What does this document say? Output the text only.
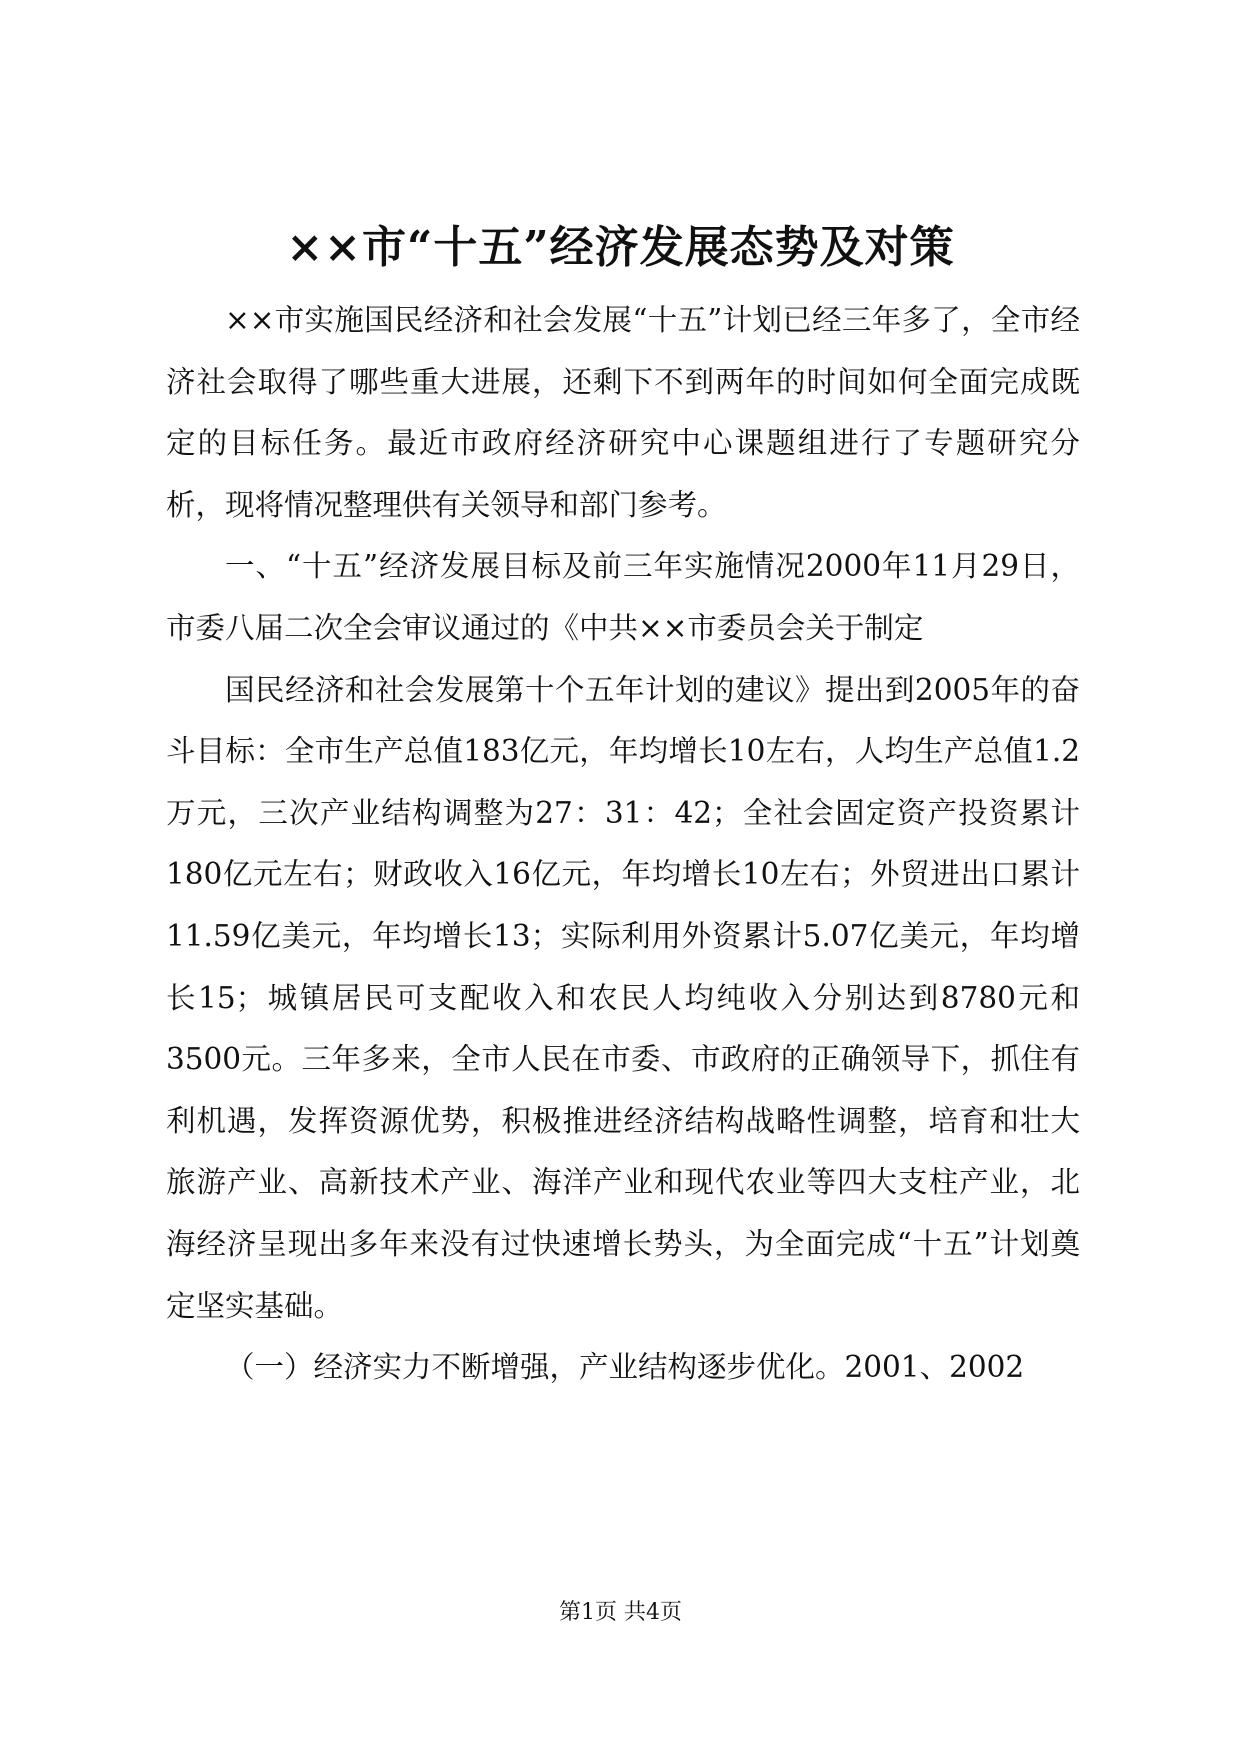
××市“十五”经济发展态势及对策

××市实施国民经济和社会发展“十五”计划已经三年多了，全市经济社会取得了哪些重大进展，还剩下不到两年的时间如何全面完成既定的目标任务。最近市政府经济研究中心课题组进行了专题研究分析，现将情况整理供有关领导和部门参考。

一、“十五”经济发展目标及前三年实施情况2000年11月29日，市委八届二次全会审议通过的《中共××市委员会关于制定

国民经济和社会发展第十个五年计划的建议》提出到2005年的奋斗目标：全市生产总值183亿元，年均增长10左右，人均生产总值1.2万元，三次产业结构调整为27：31：42；全社会固定资产投资累计180亿元左右；财政收入16亿元，年均增长10左右；外贸进出口累计11.59亿美元，年均增长13；实际利用外资累计5.07亿美元，年均增长15；城镇居民可支配收入和农民人均纯收入分别达到8780元和3500元。三年多来，全市人民在市委、市政府的正确领导下，抓住有利机遇，发挥资源优势，积极推进经济结构战略性调整，培育和壮大旅游产业、高新技术产业、海洋产业和现代农业等四大支柱产业，北海经济呈现出多年来没有过快速增长势头，为全面完成“十五”计划奠定坚实基础。

（一）经济实力不断增强，产业结构逐步优化。2001、2002

第1页 共4页
